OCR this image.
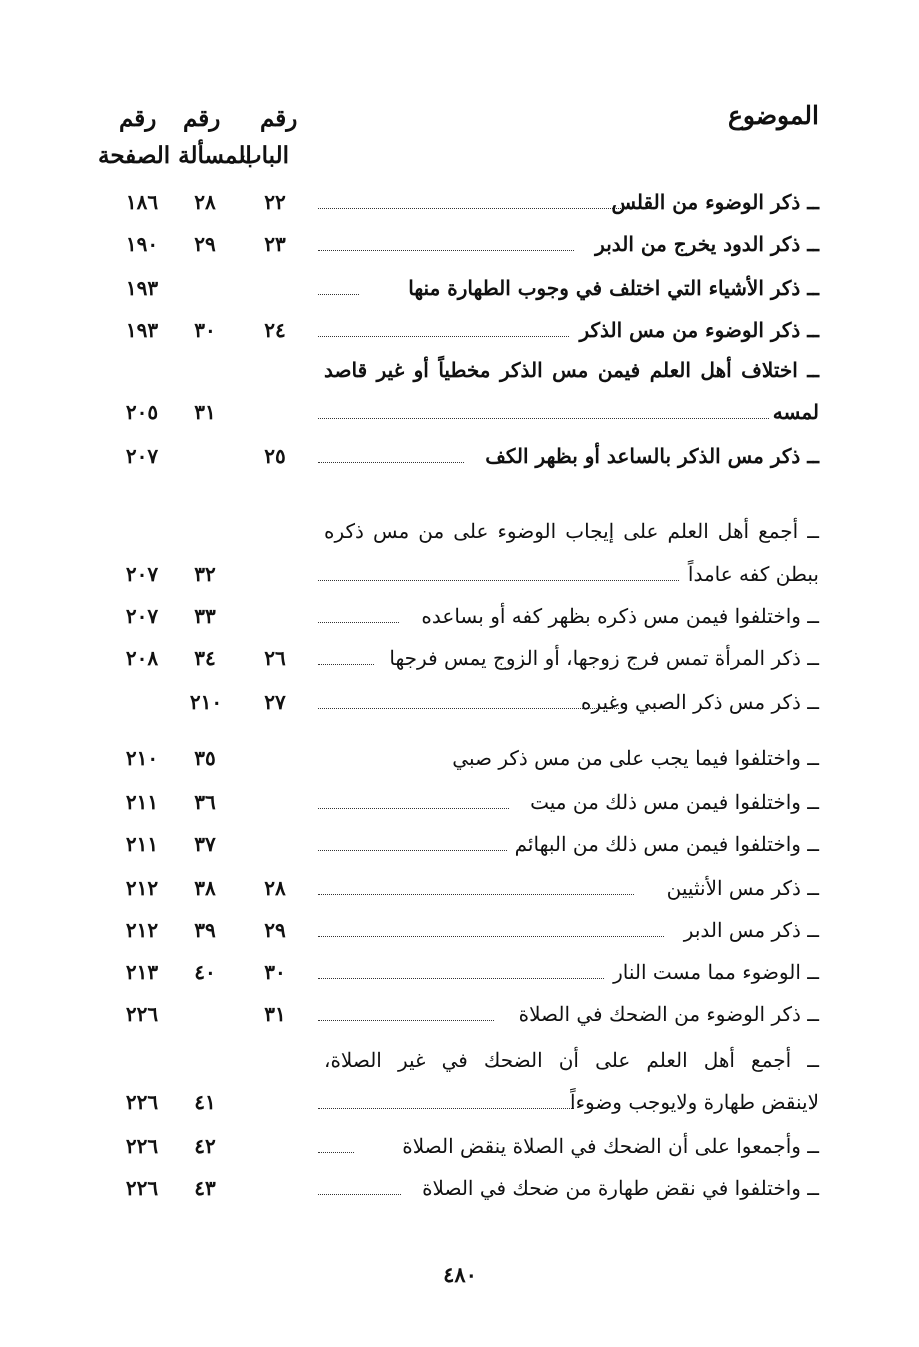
الموضوع
رقم
رقم
رقم
الباب
المسألة الصفحة
ــ ذكر الوضوء من القلس
٢٢
٢٨
١٨٦
ــ ذكر الدود يخرج من الدبر
٢٣
٢٩
١٩٠
ــ ذكر الأشياء التي اختلف في وجوب الطهارة منها
١٩٣
ــ ذكر الوضوء من مس الذكر
٢٤
٣٠
١٩٣
ــ اختلاف أهل العلم فيمن مس الذكر مخطياً أو غير قاصد
لمسه
٣١
٢٠٥
ــ ذكر مس الذكر بالساعد أو بظهر الكف
٢٥
٢٠٧
ــ أجمع أهل العلم على إيجاب الوضوء على من مس ذكره
ببطن كفه عامداً
٣٢
٢٠٧
ــ واختلفوا فيمن مس ذكره بظهر كفه أو بساعده
٣٣
٢٠٧
ــ ذكر المرأة تمس فرج زوجها، أو الزوج يمس فرجها
٢٦
٣٤
٢٠٨
ــ ذكر مس ذكر الصبي وغيره
٢٧
٢١٠
ــ واختلفوا فيما يجب على من مس ذكر صبي
٣٥
٢١٠
ــ واختلفوا فيمن مس ذلك من ميت
٣٦
٢١١
ــ واختلفوا فيمن مس ذلك من البهائم
٣٧
٢١١
ــ ذكر مس الأنثيين
٢٨
٣٨
٢١٢
ــ ذكر مس الدبر
٢٩
٣٩
٢١٢
ــ الوضوء مما مست النار
٣٠
٤٠
٢١٣
ــ ذكر الوضوء من الضحك في الصلاة
٣١
٢٢٦
ــ أجمع أهل العلم على أن الضحك في غير الصلاة،
لاينقض طهارة ولايوجب وضوءاً
٤١
٢٢٦
ــ وأجمعوا على أن الضحك في الصلاة ينقض الصلاة
٤٢
٢٢٦
ــ واختلفوا في نقض طهارة من ضحك في الصلاة
٤٣
٢٢٦
٤٨٠
